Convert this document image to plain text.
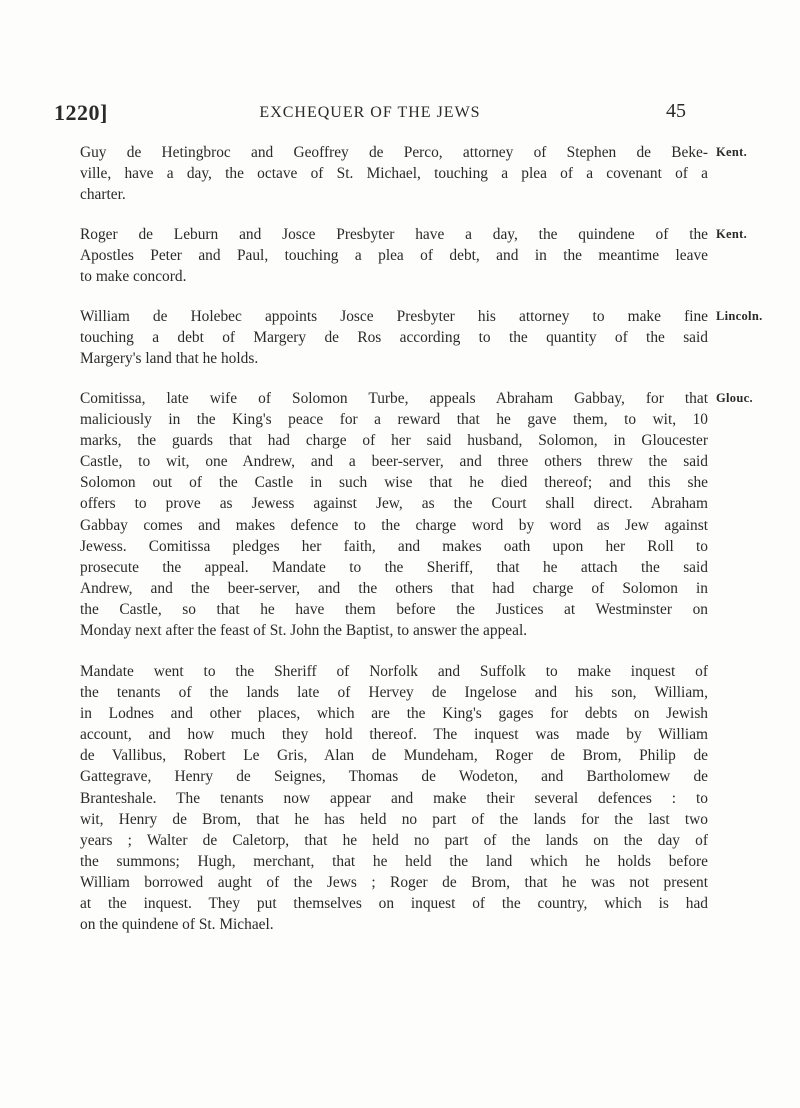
1220]	EXCHEQUER OF THE JEWS	45
Kent.
Guy de Hetingbroc and Geoffrey de Perco, attorney of Stephen de Beke-
ville, have a day, the octave of St. Michael, touching a plea of a covenant of a
charter.
Kent.
Roger de Leburn and Josce Presbyter have a day, the quindene of the
Apostles Peter and Paul, touching a plea of debt, and in the meantime leave
to make concord.
Lincoln.
William de Holebec appoints Josce Presbyter his attorney to make fine
touching a debt of Margery de Ros according to the quantity of the said
Margery's land that he holds.
Glouc.
Comitissa, late wife of Solomon Turbe, appeals Abraham Gabbay, for that
maliciously in the King's peace for a reward that he gave them, to wit, 10
marks, the guards that had charge of her said husband, Solomon, in Gloucester
Castle, to wit, one Andrew, and a beer-server, and three others threw the said
Solomon out of the Castle in such wise that he died thereof; and this she
offers to prove as Jewess against Jew, as the Court shall direct. Abraham
Gabbay comes and makes defence to the charge word by word as Jew against
Jewess. Comitissa pledges her faith, and makes oath upon her Roll to
prosecute the appeal. Mandate to the Sheriff, that he attach the said
Andrew, and the beer-server, and the others that had charge of Solomon in
the Castle, so that he have them before the Justices at Westminster on
Monday next after the feast of St. John the Baptist, to answer the appeal.
Mandate went to the Sheriff of Norfolk and Suffolk to make inquest of
the tenants of the lands late of Hervey de Ingelose and his son, William,
in Lodnes and other places, which are the King's gages for debts on Jewish
account, and how much they hold thereof. The inquest was made by William
de Vallibus, Robert Le Gris, Alan de Mundeham, Roger de Brom, Philip de
Gattegrave, Henry de Seignes, Thomas de Wodeton, and Bartholomew de
Branteshale. The tenants now appear and make their several defences : to
wit, Henry de Brom, that he has held no part of the lands for the last two
years ; Walter de Caletorp, that he held no part of the lands on the day of
the summons; Hugh, merchant, that he held the land which he holds before
William borrowed aught of the Jews ; Roger de Brom, that he was not present
at the inquest. They put themselves on inquest of the country, which is had
on the quindene of St. Michael.
